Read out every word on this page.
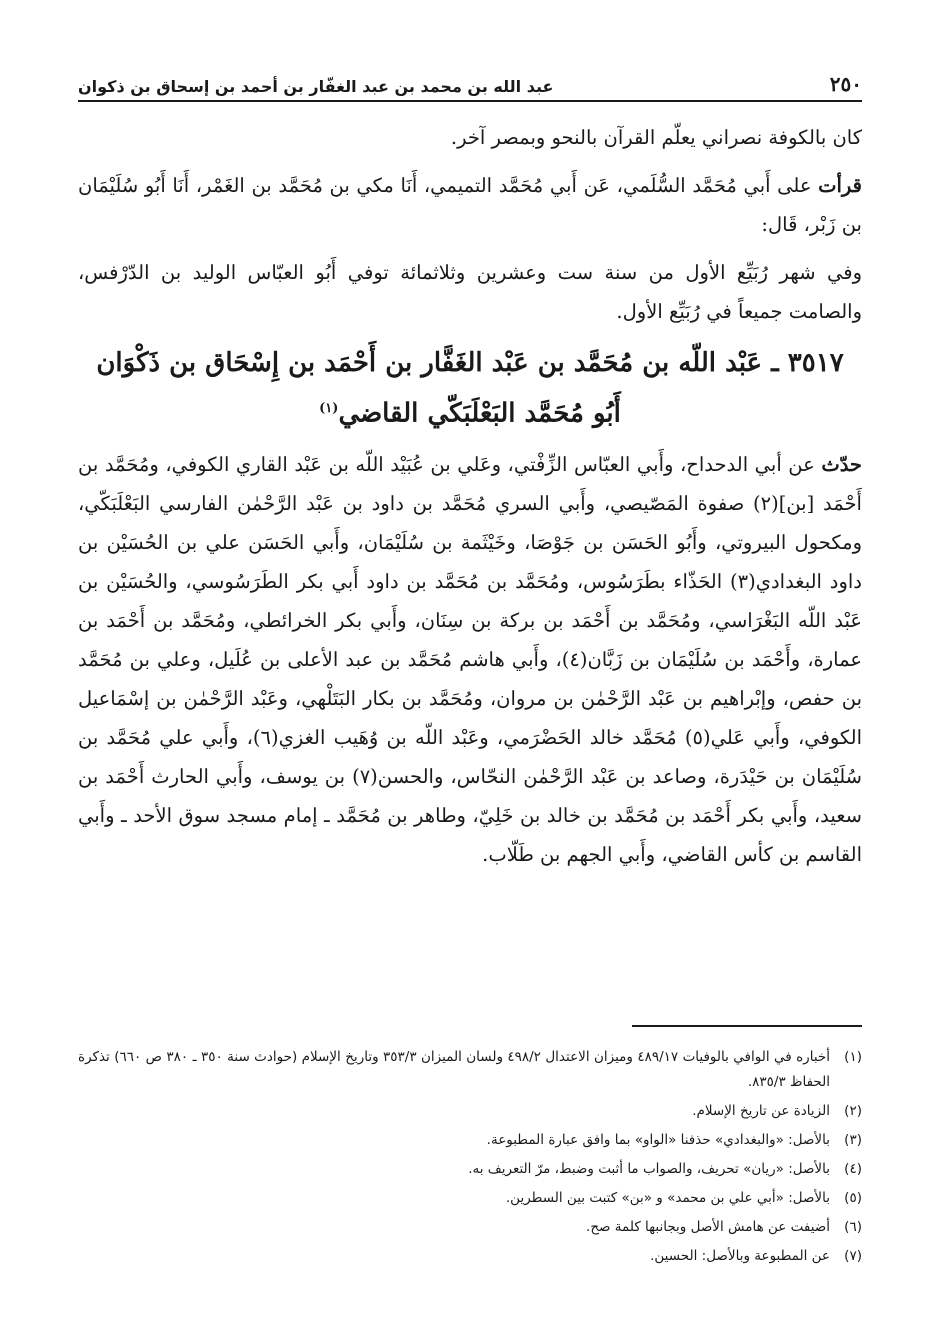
٢٥٠
عبد الله بن محمد بن عبد الغفّار بن أحمد بن إسحاق بن ذكوان

كان بالكوفة نصراني يعلّم القرآن بالنحو وبمصر آخر.

قرأت على أَبي مُحَمَّد السُّلَمي، عَن أَبي مُحَمَّد التميمي، أَنَا مكي بن مُحَمَّد بن الغَمْر، أَنَا أَبُو سُلَيْمَان بن زَبْر، قَال:

وفي شهر رُبَيِّع الأول من سنة ست وعشرين وثلاثمائة توفي أَبُو العبّاس الوليد بن الدّرْفس، والصامت جميعاً في رُبَيِّع الأول.

٣٥١٧ ـ عَبْد اللّه بن مُحَمَّد بن عَبْد الغَفَّار بن أَحْمَد بن إِسْحَاق بن ذَكْوَان
أَبُو مُحَمَّد البَعْلَبَكّي القاضي$^{(١)}$

حدّث عن أبي الدحداح، وأَبي العبّاس الزِّفْتي، وعَلي بن عُبَيْد اللّه بن عَبْد القاري الكوفي، ومُحَمَّد بن أَحْمَد [بن](٢) صفوة المَصّيصي، وأَبي السري مُحَمَّد بن داود بن عَبْد الرَّحْمٰن الفارسي البَعْلَبَكّي، ومكحول البيروتي، وأَبُو الحَسَن بن جَوْصَا، وخَيْثَمة بن سُلَيْمَان، وأَبي الحَسَن علي بن الحُسَيْن بن داود البغدادي(٣) الحَذّاء بطَرَسُوس، ومُحَمَّد بن مُحَمَّد بن داود أَبي بكر الطَرَسُوسي، والحُسَيْن بن عَبْد اللّه البَغْرَاسي، ومُحَمَّد بن أَحْمَد بن بركة بن سِنَان، وأَبي بكر الخرائطي، ومُحَمَّد بن أَحْمَد بن عمارة، وأَحْمَد بن سُلَيْمَان بن زَبَّان(٤)، وأَبي هاشم مُحَمَّد بن عبد الأعلى بن عُلَيل، وعلي بن مُحَمَّد بن حفص، وإبْراهيم بن عَبْد الرَّحْمٰن بن مروان، ومُحَمَّد بن بكار البَتَلْهي، وعَبْد الرَّحْمٰن بن إسْمَاعيل الكوفي، وأَبي عَلي(٥) مُحَمَّد خالد الحَضْرَمي، وعَبْد اللّه بن وُهَيب الغزي(٦)، وأَبي علي مُحَمَّد بن سُلَيْمَان بن حَيْدَرة، وصاعد بن عَبْد الرَّحْمٰن النحّاس، والحسن(٧) بن يوسف، وأَبي الحارث أَحْمَد بن سعيد، وأَبي بكر أَحْمَد بن مُحَمَّد بن خالد بن خَلِيّ، وطاهر بن مُحَمَّد ـ إمام مسجد سوق الأحد ـ وأَبي القاسم بن كأس القاضي، وأَبي الجهم بن طَلّاب.

(١)
أخباره في الوافي بالوفيات ٤٨٩/١٧ وميزان الاعتدال ٤٩٨/٢ ولسان الميزان ٣٥٣/٣ وتاريخ الإسلام (حوادث سنة ٣٥٠ ـ ٣٨٠ ص ٦٦٠) تذكرة الحفاظ ٨٣٥/٣.
(٢)
الزيادة عن تاريخ الإسلام.
(٣)
بالأصل: «والبغدادي» حذفنا «الواو» بما وافق عبارة المطبوعة.
(٤)
بالأصل: «ريان» تحريف، والصواب ما أثبت وضبط، مرّ التعريف به.
(٥)
بالأصل: «أبي علي بن محمد» و «بن» كتبت بين السطرين.
(٦)
أضيفت عن هامش الأصل وبجانبها كلمة صح.
(٧)
عن المطبوعة وبالأصل: الحسين.
